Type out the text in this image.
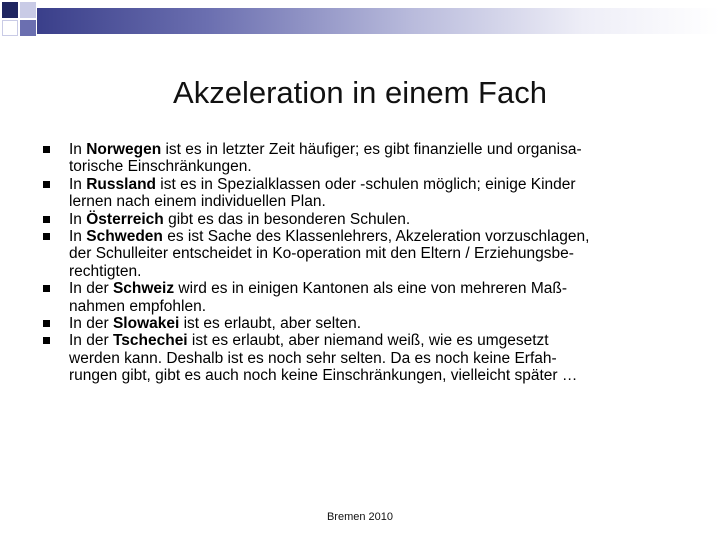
Akzeleration in einem Fach
In Norwegen ist es in letzter Zeit häufiger; es gibt finanzielle und organisa-
torische Einschränkungen.
In Russland ist es in Spezialklassen oder -schulen möglich; einige Kinder
lernen nach einem individuellen Plan.
In Österreich gibt es das in besonderen Schulen.
In Schweden es ist Sache des Klassenlehrers, Akzeleration vorzuschlagen,
der Schulleiter entscheidet in Ko-operation mit den Eltern / Erziehungsbe-
rechtigten.
In der Schweiz wird es in einigen Kantonen als eine von mehreren Maß-
nahmen empfohlen.
In der Slowakei ist es erlaubt, aber selten.
In der Tschechei ist es erlaubt, aber niemand weiß, wie es umgesetzt
werden kann. Deshalb ist es noch sehr selten. Da es noch keine Erfah-
rungen gibt, gibt es auch noch keine Einschränkungen, vielleicht später …
Bremen 2010
